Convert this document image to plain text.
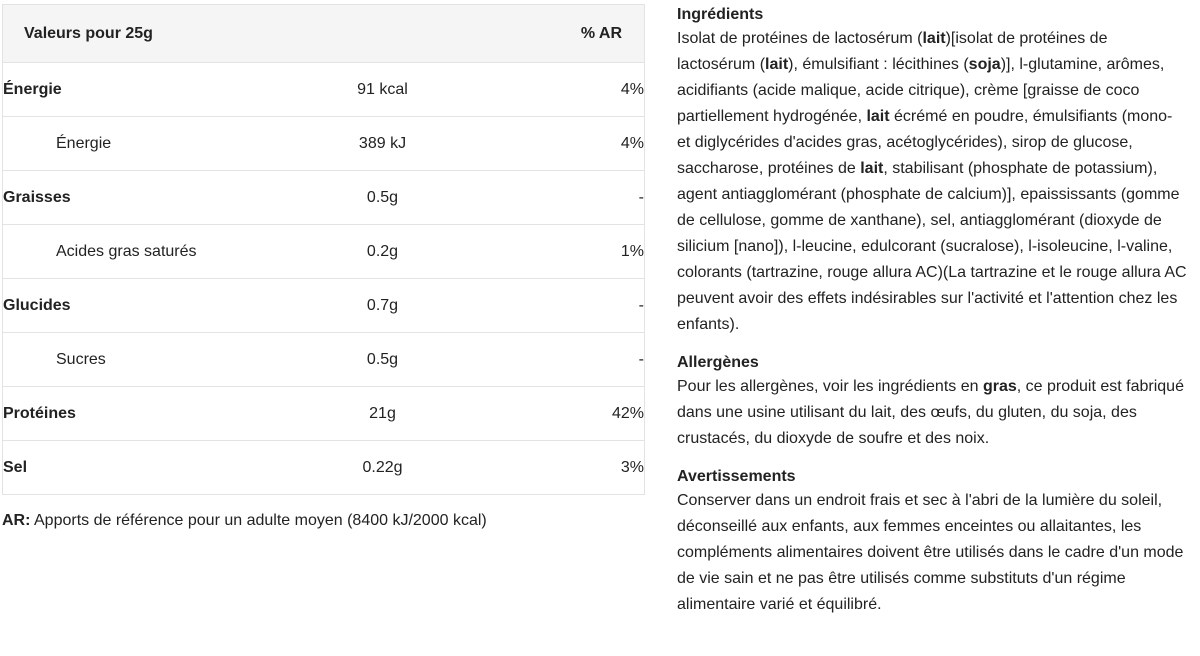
Valeurs pour 25g		% AR
Énergie	91 kcal	4%
Énergie	389 kJ	4%
Graisses	0.5g	-
Acides gras saturés	0.2g	1%
Glucides	0.7g	-
Sucres	0.5g	-
Protéines	21g	42%
Sel	0.22g	3%
AR: Apports de référence pour un adulte moyen (8400 kJ/2000 kcal)
Ingrédients

Isolat de protéines de lactosérum (lait)[isolat de protéines de lactosérum (lait), émulsifiant : lécithines (soja)], l-glutamine, arômes, acidifiants (acide malique, acide citrique), crème [graisse de coco partiellement hydrogénée, lait écrémé en poudre, émulsifiants (mono- et diglycérides d'acides gras, acétoglycérides), sirop de glucose, saccharose, protéines de lait, stabilisant (phosphate de potassium), agent antiagglomérant (phosphate de calcium)], epaississants (gomme de cellulose, gomme de xanthane), sel, antiagglomérant (dioxyde de silicium [nano]), l-leucine, edulcorant (sucralose), l-isoleucine, l-valine, colorants (tartrazine, rouge allura AC)(La tartrazine et le rouge allura AC peuvent avoir des effets indésirables sur l'activité et l'attention chez les enfants).

Allergènes

Pour les allergènes, voir les ingrédients en gras, ce produit est fabriqué dans une usine utilisant du lait, des œufs, du gluten, du soja, des crustacés, du dioxyde de soufre et des noix.

Avertissements

Conserver dans un endroit frais et sec à l'abri de la lumière du soleil, déconseillé aux enfants, aux femmes enceintes ou allaitantes, les compléments alimentaires doivent être utilisés dans le cadre d'un mode de vie sain et ne pas être utilisés comme substituts d'un régime alimentaire varié et équilibré.
